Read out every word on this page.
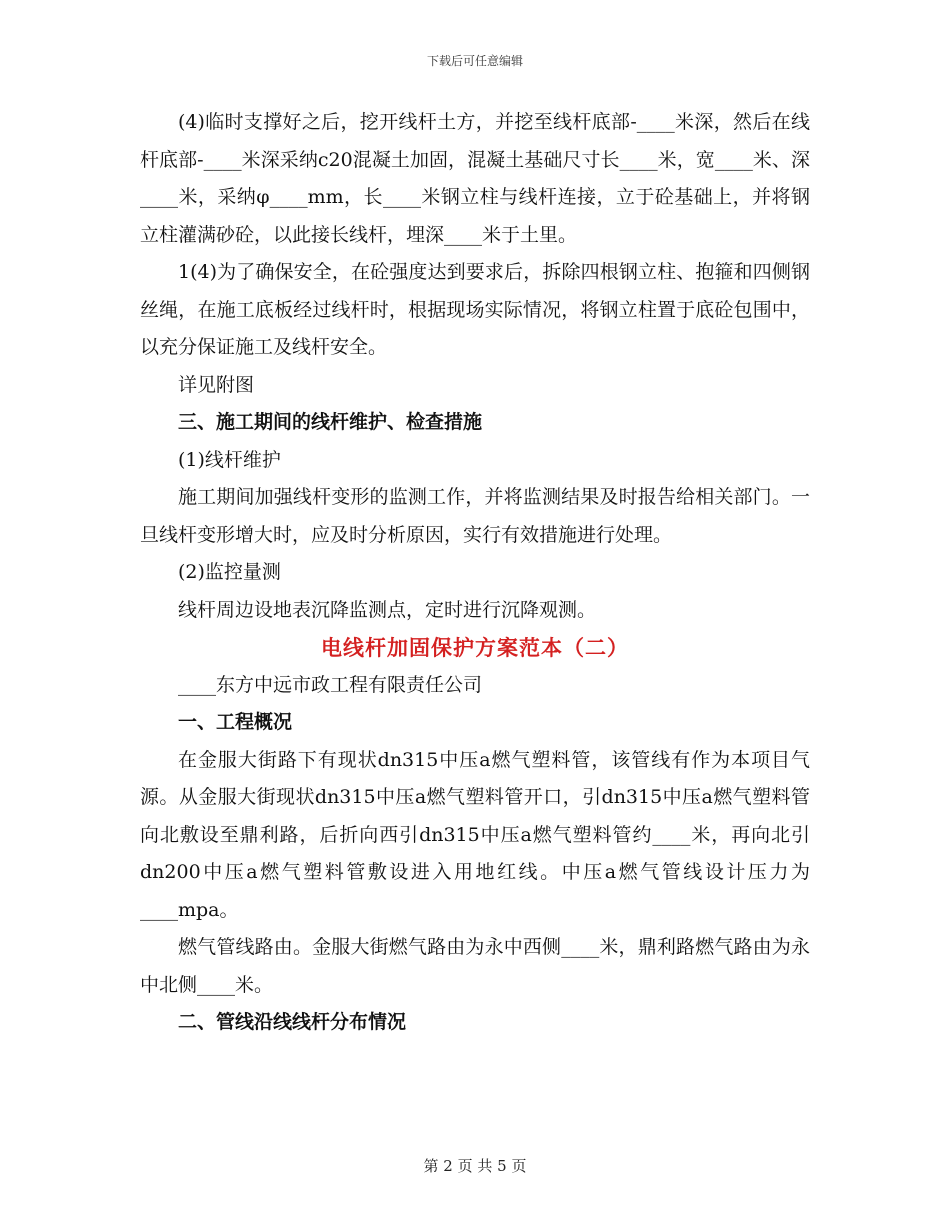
下载后可任意编辑

(4)临时支撑好之后，挖开线杆土方，并挖至线杆底部-____米深，然后在线杆底部-____米深采纳c20混凝土加固，混凝土基础尺寸长____米，宽____米、深____米，采纳φ____mm，长____米钢立柱与线杆连接，立于砼基础上，并将钢立柱灌满砂砼，以此接长线杆，埋深____米于土里。

1(4)为了确保安全，在砼强度达到要求后，拆除四根钢立柱、抱箍和四侧钢丝绳，在施工底板经过线杆时，根据现场实际情况，将钢立柱置于底砼包围中，以充分保证施工及线杆安全。

详见附图

三、施工期间的线杆维护、检查措施

(1)线杆维护

施工期间加强线杆变形的监测工作，并将监测结果及时报告给相关部门。一旦线杆变形增大时，应及时分析原因，实行有效措施进行处理。

(2)监控量测

线杆周边设地表沉降监测点，定时进行沉降观测。

电线杆加固保护方案范本（二）

____东方中远市政工程有限责任公司

一、工程概况

在金服大街路下有现状dn315中压a燃气塑料管，该管线有作为本项目气源。从金服大街现状dn315中压a燃气塑料管开口，引dn315中压a燃气塑料管向北敷设至鼎利路，后折向西引dn315中压a燃气塑料管约____米，再向北引dn200中压a燃气塑料管敷设进入用地红线。中压a燃气管线设计压力为____mpa。

燃气管线路由。金服大街燃气路由为永中西侧____米，鼎利路燃气路由为永中北侧____米。

二、管线沿线线杆分布情况

第 2 页 共 5 页
